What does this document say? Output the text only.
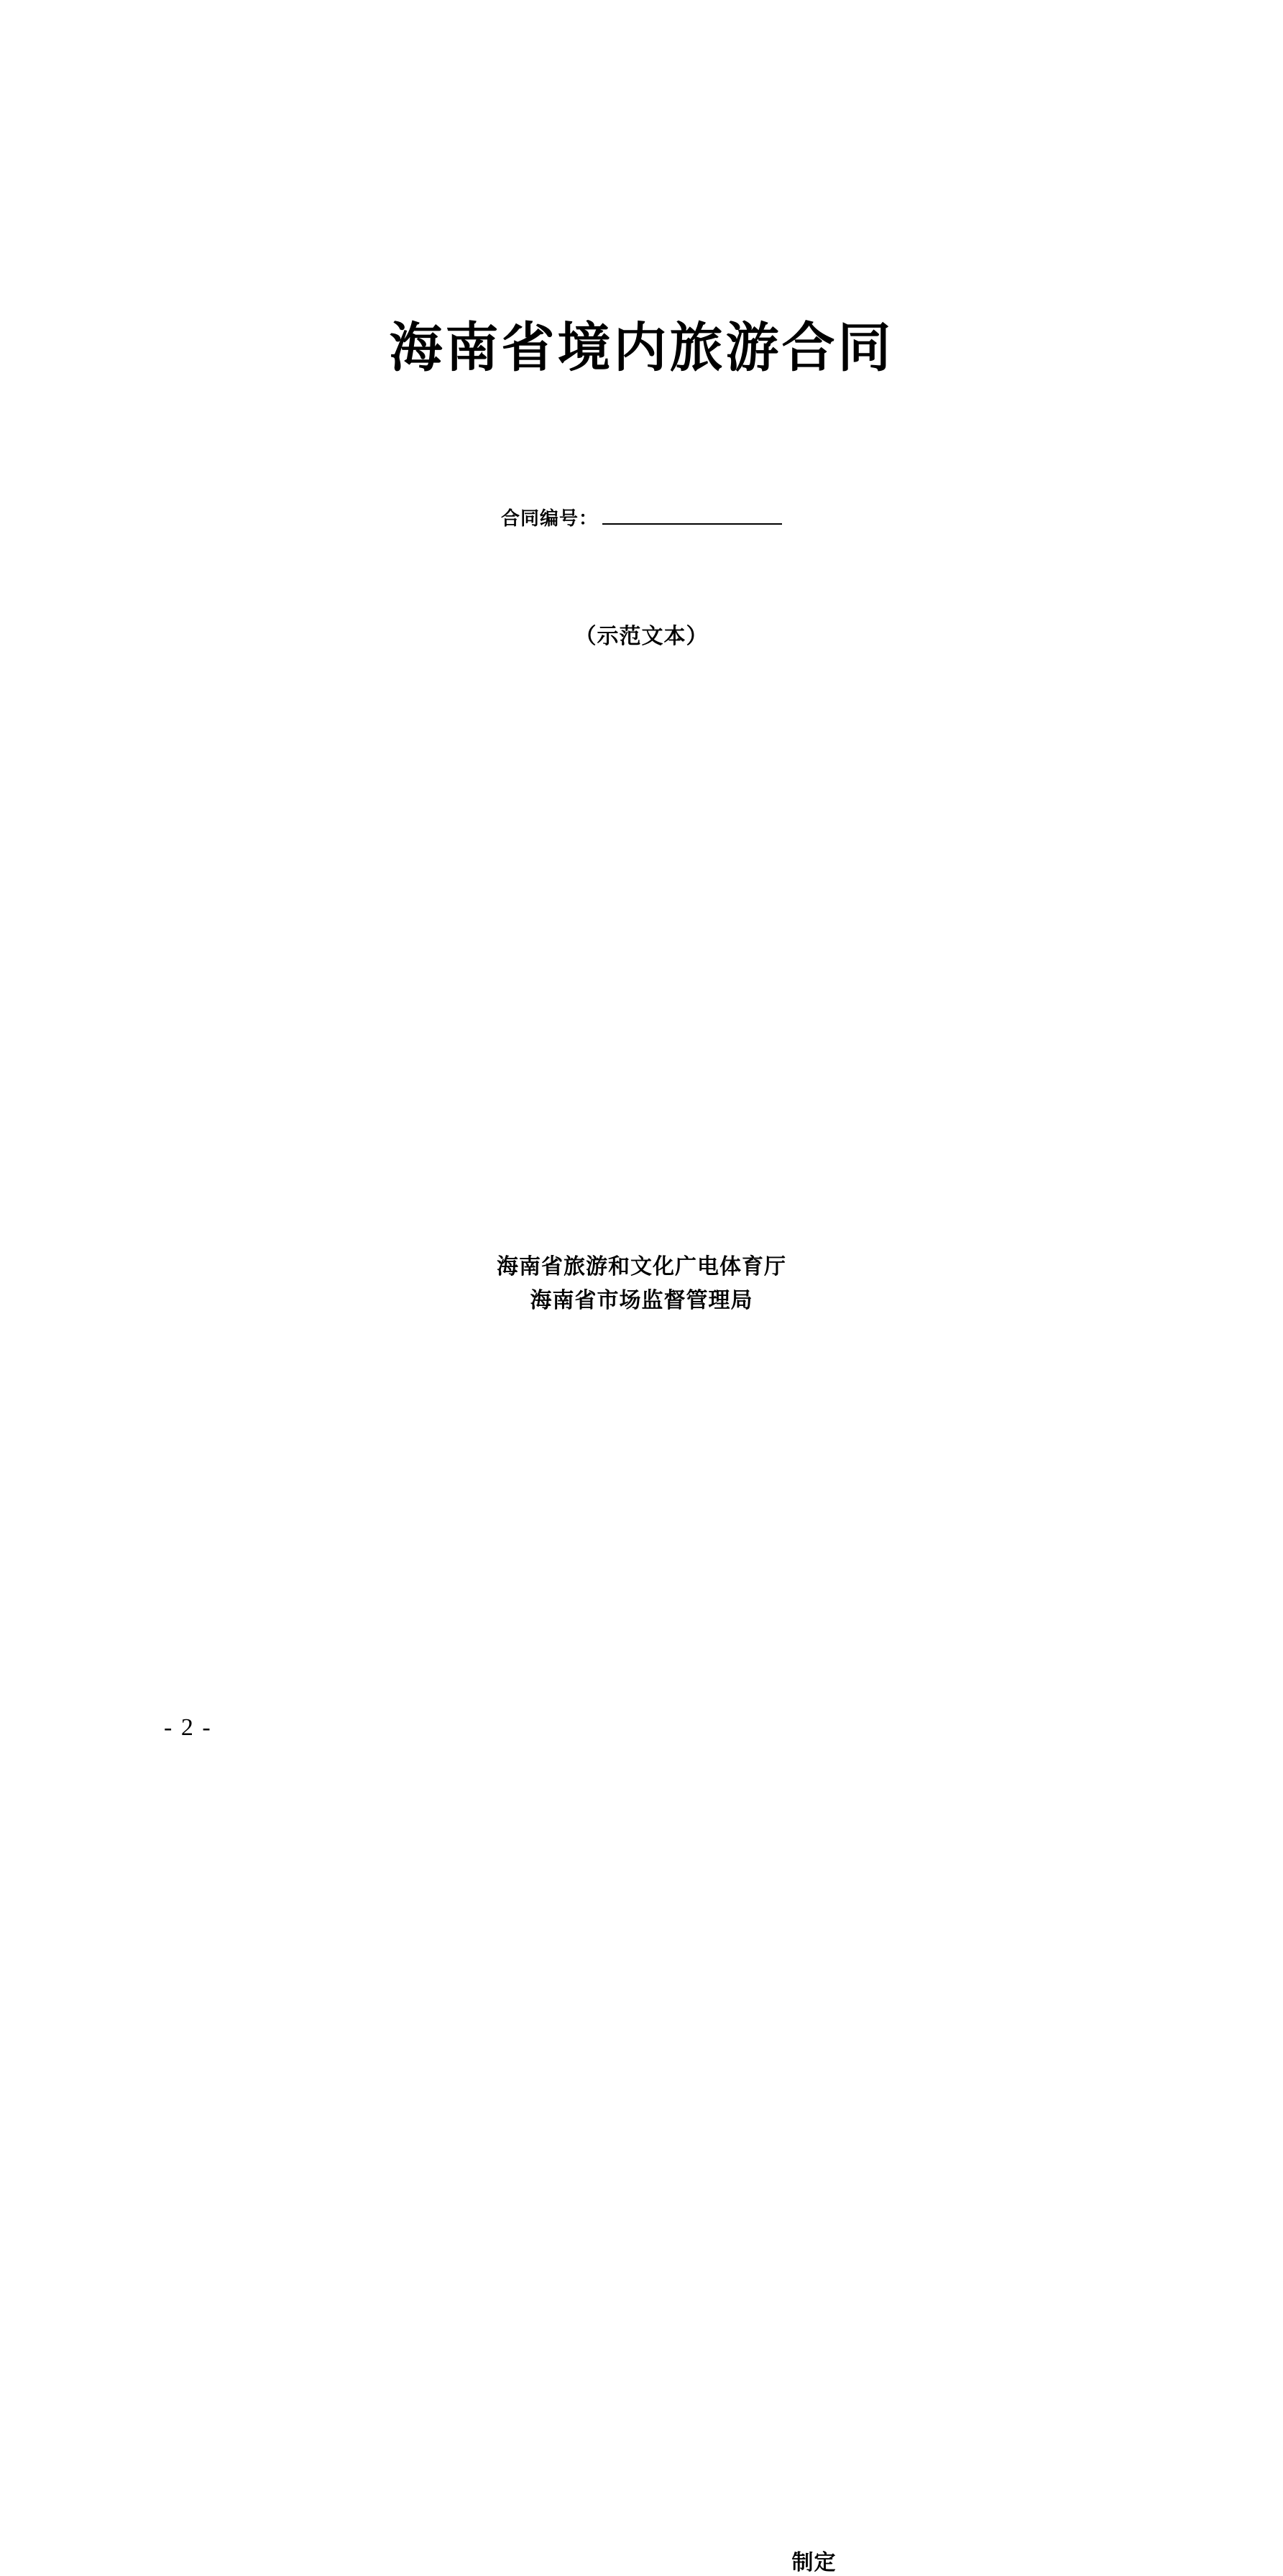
海南省境内旅游合同
合同编号：
（示范文本）
海南省旅游和文化广电体育厅
海南省市场监督管理局
制定
- 2 -
